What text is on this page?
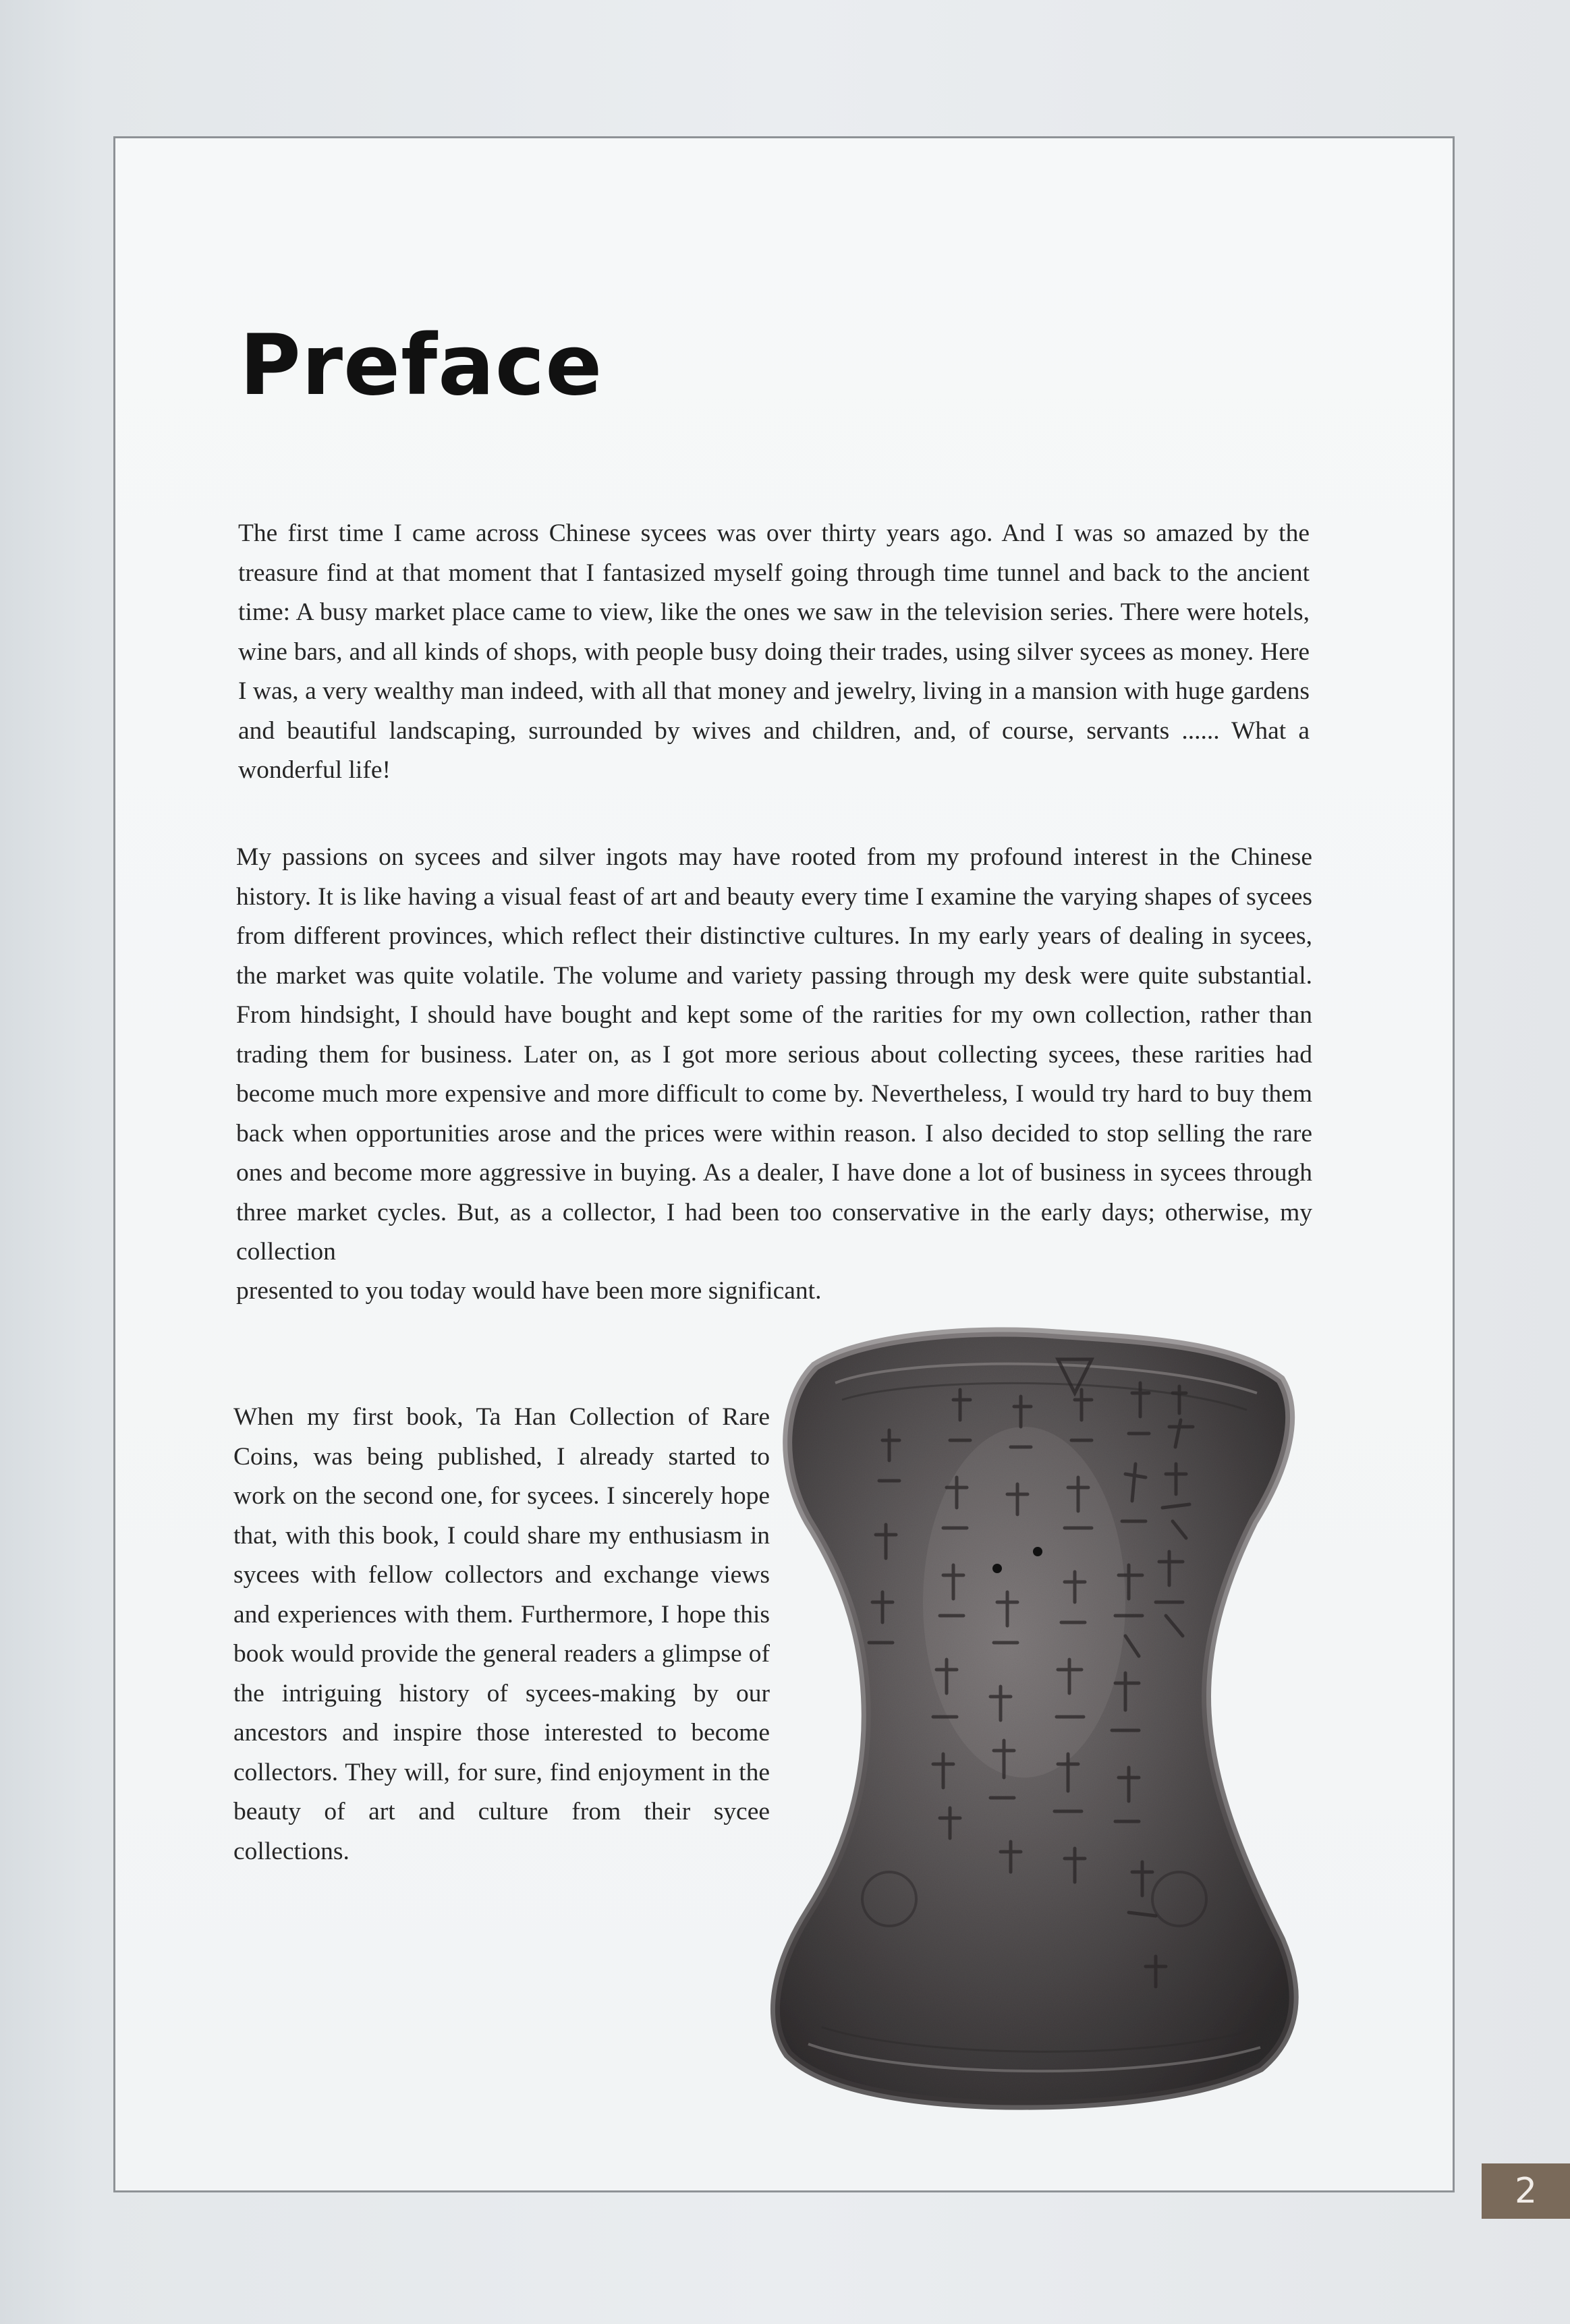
Preface

The first time I came across Chinese sycees was over thirty years ago. And I was so amazed by the treasure find at that moment that I fantasized myself going through time tunnel and back to the ancient time: A busy market place came to view, like the ones we saw in the television series. There were hotels, wine bars, and all kinds of shops, with people busy doing their trades, using silver sycees as money. Here I was, a very wealthy man indeed, with all that money and jewelry, living in a mansion with huge gardens and beautiful landscaping, surrounded by wives and children, and, of course, servants ...... What a wonderful life!

My passions on sycees and silver ingots may have rooted from my profound interest in the Chinese history. It is like having a visual feast of art and beauty every time I examine the varying shapes of sycees from different provinces, which reflect their distinctive cultures. In my early years of dealing in sycees, the market was quite volatile. The volume and variety passing through my desk were quite substantial. From hindsight, I should have bought and kept some of the rarities for my own collection, rather than trading them for business. Later on, as I got more serious about collecting sycees, these rarities had become much more expensive and more difficult to come by. Nevertheless, I would try hard to buy them back when opportunities arose and the prices were within reason. I also decided to stop selling the rare ones and become more aggressive in buying. As a dealer, I have done a lot of business in sycees through three market cycles. But, as a collector, I had been too conservative in the early days; otherwise, my collection

presented to you today would have been more significant.

When my first book, Ta Han Collection of Rare Coins, was being published, I already started to work on the second one, for sycees. I sincerely hope that, with this book, I could share my enthusiasm in sycees with fellow collectors and exchange views and experiences with them. Furthermore, I hope this book would provide the general readers a glimpse of the intriguing history of sycees-making by our ancestors and inspire those interested to become collectors. They will, for sure, find enjoyment in the beauty of art and culture from their sycee collections.

2
